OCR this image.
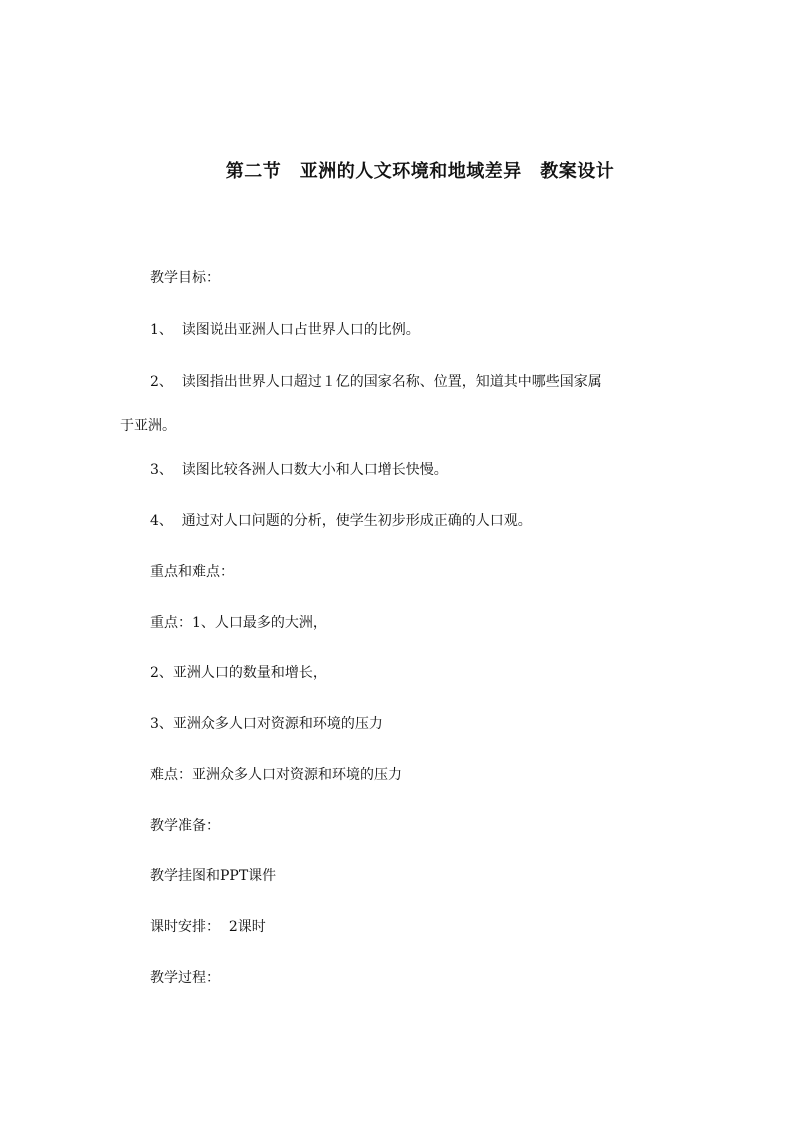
第二节　亚洲的人文环境和地域差异　教案设计

教学目标：

1、  读图说出亚洲人口占世界人口的比例。

2、  读图指出世界人口超过１亿的国家名称、位置，知道其中哪些国家属
于亚洲。

3、  读图比较各洲人口数大小和人口增长快慢。

4、  通过对人口问题的分析，使学生初步形成正确的人口观。

重点和难点：

重点：1、人口最多的大洲，

2、亚洲人口的数量和增长，

3、亚洲众多人口对资源和环境的压力

难点：亚洲众多人口对资源和环境的压力

教学准备：

教学挂图和PPT课件

课时安排：  2课时

教学过程：
